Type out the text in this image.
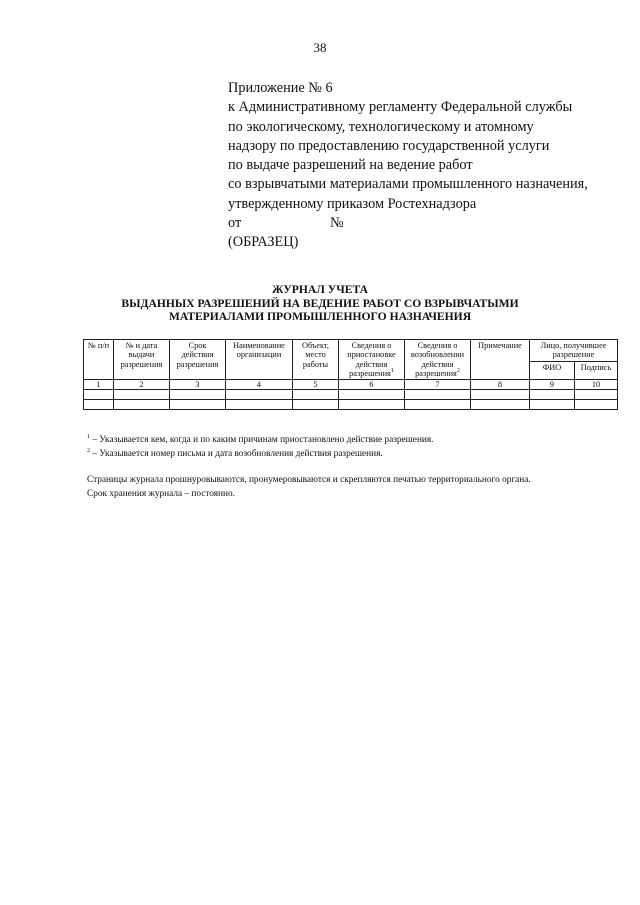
38
Приложение № 6
к Административному регламенту Федеральной службы
по экологическому, технологическому и атомному
надзору по предоставлению государственной услуги
по выдаче разрешений на ведение работ
со взрывчатыми материалами промышленного назначения,
утвержденному приказом Ростехнадзора
от	№
(ОБРАЗЕЦ)
ЖУРНАЛ УЧЕТА
ВЫДАННЫХ РАЗРЕШЕНИЙ НА ВЕДЕНИЕ РАБОТ СО ВЗРЫВЧАТЫМИ
МАТЕРИАЛАМИ ПРОМЫШЛЕННОГО НАЗНАЧЕНИЯ
№ п/п	№ и дата выдачи разрешения	Срок действия разрешения	Наименование организации	Объект, место работы	Сведения о приостановке действия разрешения$^1$	Сведения о возобновлении действия разрешения$^2$	Примечание	Лицо, получившее разрешение	
								ФИО	Подпись
1	2	3	4	5	6	7	8	9	10

$^1$ – Указывается кем, когда и по каким причинам приостановлено действие разрешения.
$^2$ – Указывается номер письма и дата возобновления действия разрешения.
Страницы журнала прошнуровываются, пронумеровываются и скрепляются печатью территориального органа.
Срок хранения журнала – постоянно.
